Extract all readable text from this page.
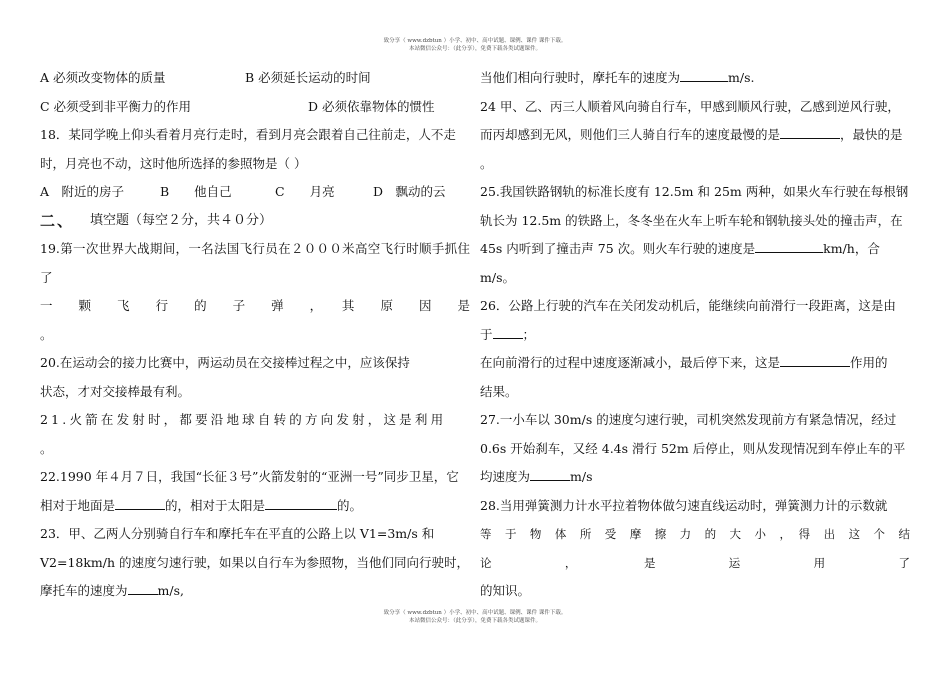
致分享（ www.dzbtun ）小学、初中、高中试题、课例、课件 课件下载。
本站微信公众号：（此分享），免费下载各类试题课件。
A 必须改变物体的质量	B 必须延长运动的时间
C 必须受到非平衡力的作用	D 必须依靠物体的惯性
18．某同学晚上仰头看着月亮行走时，看到月亮会跟着自己往前走，人不走
时，月亮也不动，这时他所选择的参照物是（ ）
A　附近的房子	B　　他自己	C　　月亮	D　飘动的云
二、 填空题（每空２分，共４０分）
19.第一次世界大战期间，一名法国飞行员在２０００米高空飞行时顺手抓住了
一　　颗　　飞　　行　　的　　子　　弹　　，　　其　　原　　因　　是
。
20.在运动会的接力比赛中，两运动员在交接棒过程之中，应该保持
状态，才对交接棒最有利。
21.火箭在发射时，都要沿地球自转的方向发射，这是利用
。
22.1990 年４月７日，我国“长征３号”火箭发射的“亚洲一号”同步卫星，它
相对于地面是	的，相对于太阳是	的。
23．甲、乙两人分别骑自行车和摩托车在平直的公路上以 V1=3m/s 和
V2=18km/h 的速度匀速行驶，如果以自行车为参照物，当他们同向行驶时，
摩托车的速度为 m/s,
当他们相向行驶时，摩托车的速度为	m/s.
24 甲、乙、丙三人顺着风向骑自行车，甲感到顺风行驶，乙感到逆风行驶，
而丙却感到无风，则他们三人骑自行车的速度最慢的是	，最快的是
。
25.我国铁路钢轨的标准长度有 12.5m 和 25m 两种，如果火车行驶在每根钢
轨长为 12.5m 的铁路上，冬冬坐在火车上听车轮和钢轨接头处的撞击声，在
45s 内听到了撞击声 75 次。则火车行驶的速度是	km/h，合
m/s。
26．公路上行驶的汽车在关闭发动机后，能继续向前滑行一段距离，这是由
于 ；
在向前滑行的过程中速度逐渐减小，最后停下来，这是	作用的
结果。
27.一小车以 30m/s 的速度匀速行驶，司机突然发现前方有紧急情况，经过
0.6s 开始刹车，又经 4.4s 滑行 52m 后停止，则从发现情况到车停止车的平
均速度为	m/s
28.当用弹簧测力计水平拉着物体做匀速直线运动时，弹簧测力计的示数就
等　于　物　体　所　受　摩　擦　力　的　大　小　，　得　出　这　个　结　论　，　是　运　用　了
的知识。
致分享（ www.dzbtun ）小学、初中、高中试题、课例、课件 课件下载。
本站微信公众号：（此分享），免费下载各类试题课件。
